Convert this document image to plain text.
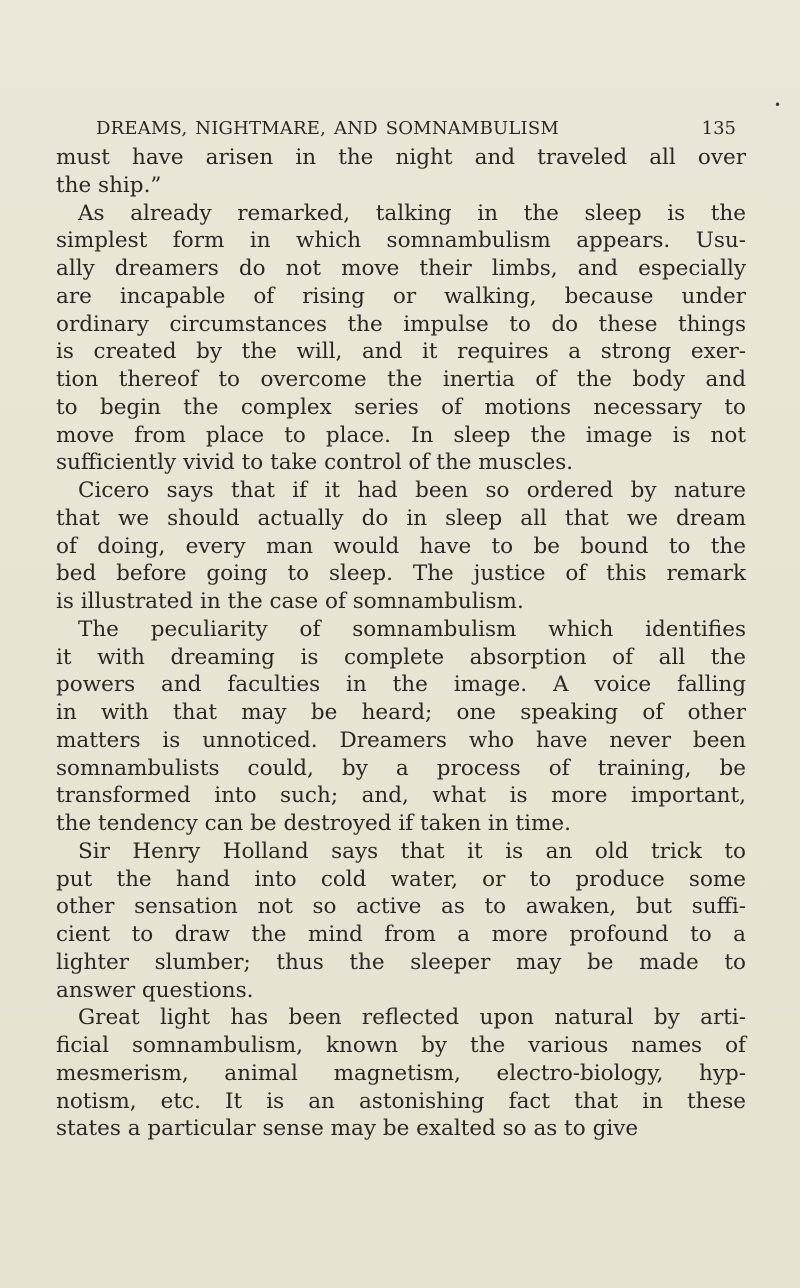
•
DREAMS, NIGHTMARE, AND SOMNAMBULISM	135
must have arisen in the night and traveled all over
the ship.”
As already remarked, talking in the sleep is the
simplest form in which somnambulism appears. Usu-
ally dreamers do not move their limbs, and especially
are incapable of rising or walking, because under
ordinary circumstances the impulse to do these things
is created by the will, and it requires a strong exer-
tion thereof to overcome the inertia of the body and
to begin the complex series of motions necessary to
move from place to place. In sleep the image is not
sufficiently vivid to take control of the muscles.
Cicero says that if it had been so ordered by nature
that we should actually do in sleep all that we dream
of doing, every man would have to be bound to the
bed before going to sleep. The justice of this remark
is illustrated in the case of somnambulism.
The peculiarity of somnambulism which identifies
it with dreaming is complete absorption of all the
powers and faculties in the image. A voice falling
in with that may be heard; one speaking of other
matters is unnoticed. Dreamers who have never been
somnambulists could, by a process of training, be
transformed into such; and, what is more important,
the tendency can be destroyed if taken in time.
Sir Henry Holland says that it is an old trick to
put the hand into cold water, or to produce some
other sensation not so active as to awaken, but suffi-
cient to draw the mind from a more profound to a
lighter slumber; thus the sleeper may be made to
answer questions.
Great light has been reflected upon natural by arti-
ficial somnambulism, known by the various names of
mesmerism, animal magnetism, electro-biology, hyp-
notism, etc. It is an astonishing fact that in these
states a particular sense may be exalted so as to give
